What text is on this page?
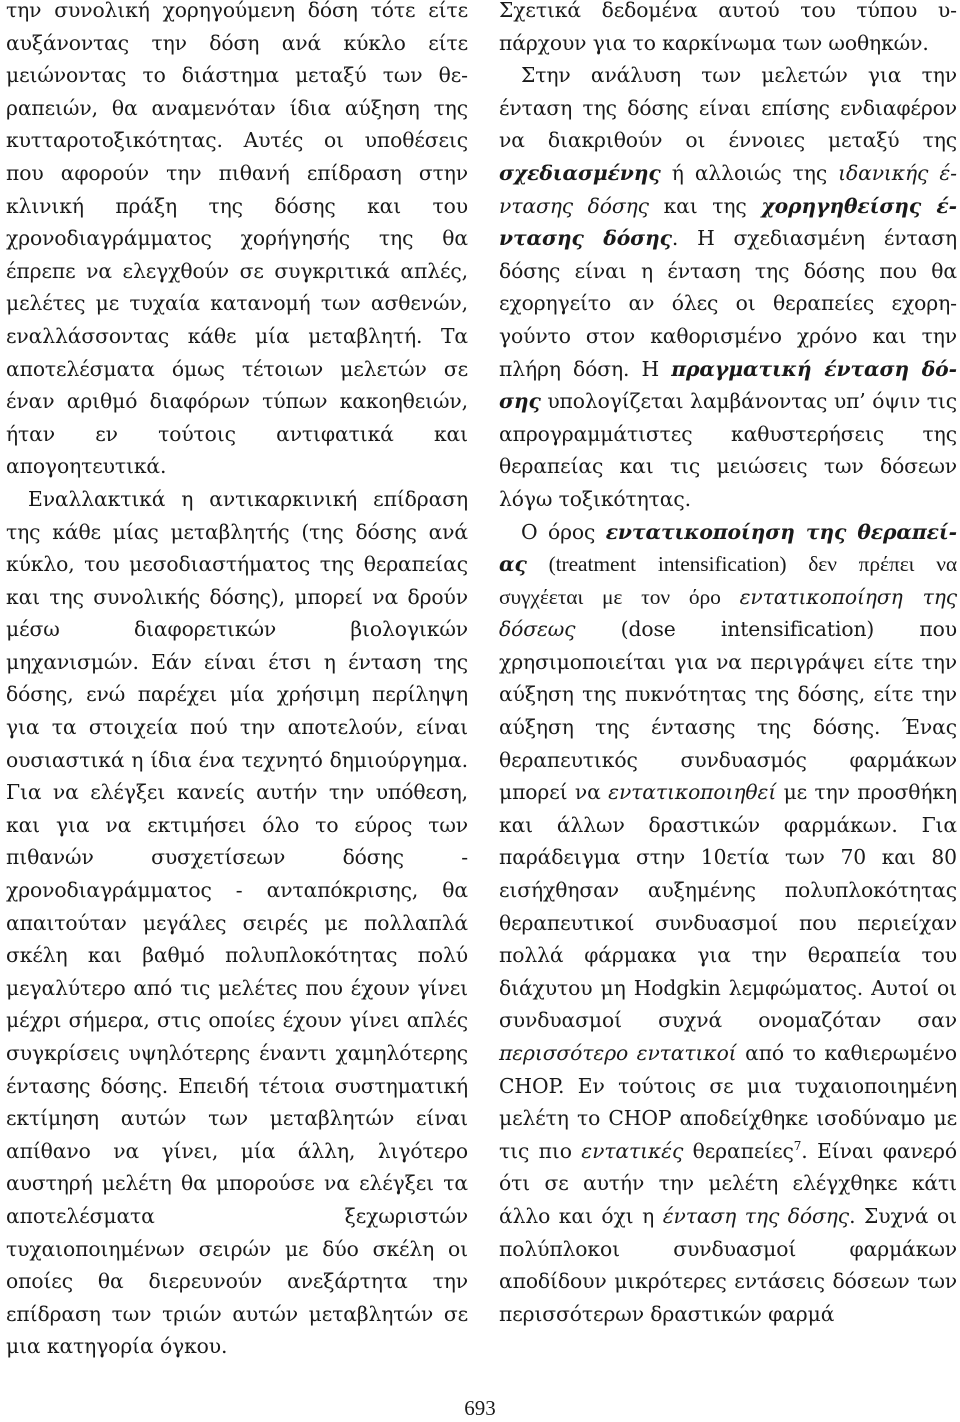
την συνολική χορηγούμενη δόση τότε είτε αυξάνοντας την δόση ανά κύκλο είτε μειώνοντας το διάστημα μεταξύ των θεραπειών, θα αναμενόταν ίδια αύξηση της κυτταροτοξικότητας. Αυτές οι υποθέσεις που αφορούν την πιθανή επίδραση στην κλινική πράξη της δόσης και του χρονοδιαγράμματος χορήγησής της θα έπρεπε να ελεγχθούν σε συγκριτικά απλές, μελέτες με τυχαία κατανομή των ασθενών, εναλλάσσοντας κάθε μία μεταβλητή. Τα αποτελέσματα όμως τέτοιων μελετών σε έναν αριθμό διαφόρων τύπων κακοηθειών, ήταν εν τούτοις αντιφατικά και απογοητευτικά.

Εναλλακτικά η αντικαρκινική επίδραση της κάθε μίας μεταβλητής (της δόσης ανά κύκλο, του μεσοδιαστήματος της θεραπείας και της συνολικής δόσης), μπορεί να δρούν μέσω διαφορετικών βιολογικών μηχανισμών. Εάν είναι έτσι η ένταση της δόσης, ενώ παρέχει μία χρήσιμη περίληψη για τα στοιχεία πού την αποτελούν, είναι ουσιαστικά η ίδια ένα τεχνητό δημιούργημα. Για να ελέγξει κανείς αυτήν την υπόθεση, και για να εκτιμήσει όλο το εύρος των πιθανών συσχετίσεων δόσης - χρονοδιαγράμματος - ανταπόκρισης, θα απαιτούταν μεγάλες σειρές με πολλαπλά σκέλη και βαθμό πολυπλοκότητας πολύ μεγαλύτερο από τις μελέτες που έχουν γίνει μέχρι σήμερα, στις οποίες έχουν γίνει απλές συγκρίσεις υψηλότερης έναντι χαμηλότερης έντασης δόσης. Επειδή τέτοια συστηματική εκτίμηση αυτών των μεταβλητών είναι απίθανο να γίνει, μία άλλη, λιγότερο αυστηρή μελέτη θα μπορούσε να ελέγξει τα αποτελέσματα ξεχωριστών τυχαιοποιημένων σειρών με δύο σκέλη οι οποίες θα διερευνούν ανεξάρτητα την επίδραση των τριών αυτών μεταβλητών σε μια κατηγορία όγκου.

Σχετικά δεδομένα αυτού του τύπου υπάρχουν για το καρκίνωμα των ωοθηκών.

Στην ανάλυση των μελετών για την ένταση της δόσης είναι επίσης ενδιαφέρον να διακριθούν οι έννοιες μεταξύ της σχεδιασμένης ή αλλοιώς της ιδανικής έντασης δόσης και της χορηγηθείσης έντασης δόσης. Η σχεδιασμένη ένταση δόσης είναι η ένταση της δόσης που θα εχορηγείτο αν όλες οι θεραπείες εχορηγούντο στον καθορισμένο χρόνο και την πλήρη δόση. Η πραγματική ένταση δόσης υπολογίζεται λαμβάνοντας υπ’ όψιν τις απρογραμμάτιστες καθυστερήσεις της θεραπείας και τις μειώσεις των δόσεων λόγω τοξικότητας.

Ο όρος εντατικοποίηση της θεραπείας (treatment intensification) δεν πρέπει να συγχέεται με τον όρο εντατικοποίηση της δόσεως (dose intensification) που χρησιμοποιείται για να περιγράψει είτε την αύξηση της πυκνότητας της δόσης, είτε την αύξηση της έντασης της δόσης. Ένας θεραπευτικός συνδυασμός φαρμάκων μπορεί να εντατικοποιηθεί με την προσθήκη και άλλων δραστικών φαρμάκων. Για παράδειγμα στην 10ετία των 70 και 80 εισήχθησαν αυξημένης πολυπλοκότητας θεραπευτικοί συνδυασμοί που περιείχαν πολλά φάρμακα για την θεραπεία του διάχυτου μη Hodgkin λεμφώματος. Αυτοί οι συνδυασμοί συχνά ονομαζόταν σαν περισσότερο εντατικοί από το καθιερωμένο CHOP. Εν τούτοις σε μια τυχαιοποιημένη μελέτη το CHOP αποδείχθηκε ισοδύναμο με τις πιο εντατικές θεραπείες$^7$. Είναι φανερό ότι σε αυτήν την μελέτη ελέγχθηκε κάτι άλλο και όχι η ένταση της δόσης. Συχνά οι πολύπλοκοι συνδυασμοί φαρμάκων αποδίδουν μικρότερες εντάσεις δόσεων των περισσότερων δραστικών φαρμά

693
